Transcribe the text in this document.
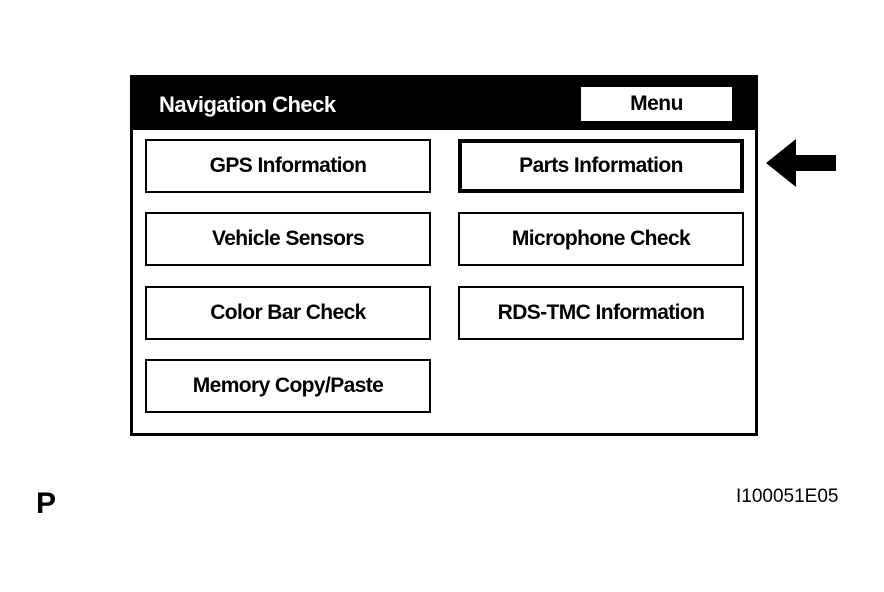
Navigation Check	Menu
GPS Information	Parts Information
Vehicle Sensors	Microphone Check
Color Bar Check	RDS-TMC Information
Memory Copy/Paste
P	I100051E05
